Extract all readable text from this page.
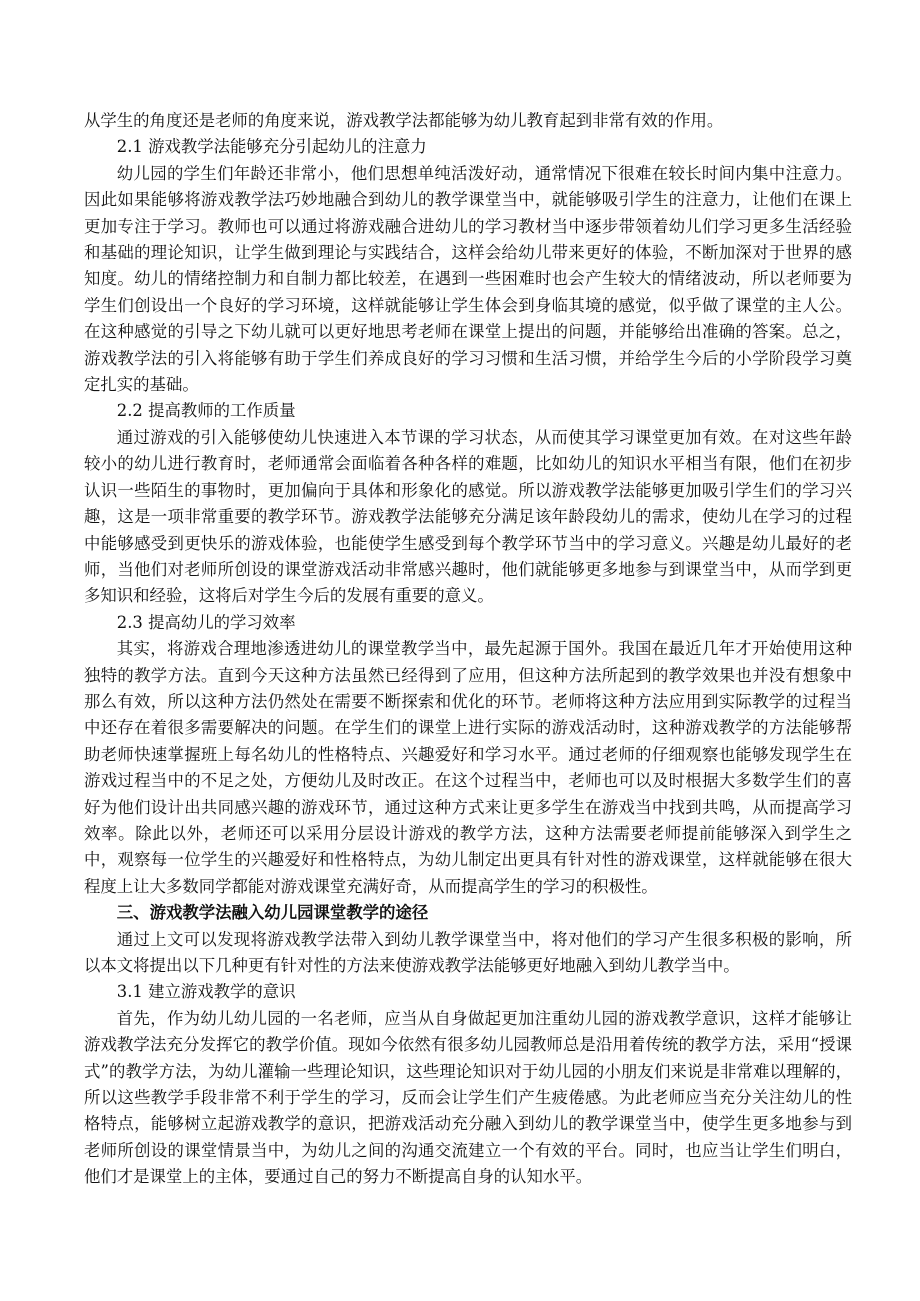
从学生的角度还是老师的角度来说，游戏教学法都能够为幼儿教育起到非常有效的作用。

2.1 游戏教学法能够充分引起幼儿的注意力

幼儿园的学生们年龄还非常小，他们思想单纯活泼好动，通常情况下很难在较长时间内集中注意力。因此如果能够将游戏教学法巧妙地融合到幼儿的教学课堂当中，就能够吸引学生的注意力，让他们在课上更加专注于学习。教师也可以通过将游戏融合进幼儿的学习教材当中逐步带领着幼儿们学习更多生活经验和基础的理论知识，让学生做到理论与实践结合，这样会给幼儿带来更好的体验，不断加深对于世界的感知度。幼儿的情绪控制力和自制力都比较差，在遇到一些困难时也会产生较大的情绪波动，所以老师要为学生们创设出一个良好的学习环境，这样就能够让学生体会到身临其境的感觉，似乎做了课堂的主人公。在这种感觉的引导之下幼儿就可以更好地思考老师在课堂上提出的问题，并能够给出准确的答案。总之，游戏教学法的引入将能够有助于学生们养成良好的学习习惯和生活习惯，并给学生今后的小学阶段学习奠定扎实的基础。

2.2 提高教师的工作质量

通过游戏的引入能够使幼儿快速进入本节课的学习状态，从而使其学习课堂更加有效。在对这些年龄较小的幼儿进行教育时，老师通常会面临着各种各样的难题，比如幼儿的知识水平相当有限，他们在初步认识一些陌生的事物时，更加偏向于具体和形象化的感觉。所以游戏教学法能够更加吸引学生们的学习兴趣，这是一项非常重要的教学环节。游戏教学法能够充分满足该年龄段幼儿的需求，使幼儿在学习的过程中能够感受到更快乐的游戏体验，也能使学生感受到每个教学环节当中的学习意义。兴趣是幼儿最好的老师，当他们对老师所创设的课堂游戏活动非常感兴趣时，他们就能够更多地参与到课堂当中，从而学到更多知识和经验，这将后对学生今后的发展有重要的意义。

2.3 提高幼儿的学习效率

其实，将游戏合理地渗透进幼儿的课堂教学当中，最先起源于国外。我国在最近几年才开始使用这种独特的教学方法。直到今天这种方法虽然已经得到了应用，但这种方法所起到的教学效果也并没有想象中那么有效，所以这种方法仍然处在需要不断探索和优化的环节。老师将这种方法应用到实际教学的过程当中还存在着很多需要解决的问题。在学生们的课堂上进行实际的游戏活动时，这种游戏教学的方法能够帮助老师快速掌握班上每名幼儿的性格特点、兴趣爱好和学习水平。通过老师的仔细观察也能够发现学生在游戏过程当中的不足之处，方便幼儿及时改正。在这个过程当中，老师也可以及时根据大多数学生们的喜好为他们设计出共同感兴趣的游戏环节，通过这种方式来让更多学生在游戏当中找到共鸣，从而提高学习效率。除此以外，老师还可以采用分层设计游戏的教学方法，这种方法需要老师提前能够深入到学生之中，观察每一位学生的兴趣爱好和性格特点，为幼儿制定出更具有针对性的游戏课堂，这样就能够在很大程度上让大多数同学都能对游戏课堂充满好奇，从而提高学生的学习的积极性。

三、游戏教学法融入幼儿园课堂教学的途径

通过上文可以发现将游戏教学法带入到幼儿教学课堂当中，将对他们的学习产生很多积极的影响，所以本文将提出以下几种更有针对性的方法来使游戏教学法能够更好地融入到幼儿教学当中。

3.1 建立游戏教学的意识

首先，作为幼儿幼儿园的一名老师，应当从自身做起更加注重幼儿园的游戏教学意识，这样才能够让游戏教学法充分发挥它的教学价值。现如今依然有很多幼儿园教师总是沿用着传统的教学方法，采用“授课式”的教学方法，为幼儿灌输一些理论知识，这些理论知识对于幼儿园的小朋友们来说是非常难以理解的，所以这些教学手段非常不利于学生的学习，反而会让学生们产生疲倦感。为此老师应当充分关注幼儿的性格特点，能够树立起游戏教学的意识，把游戏活动充分融入到幼儿的教学课堂当中，使学生更多地参与到老师所创设的课堂情景当中，为幼儿之间的沟通交流建立一个有效的平台。同时，也应当让学生们明白，他们才是课堂上的主体，要通过自己的努力不断提高自身的认知水平。
